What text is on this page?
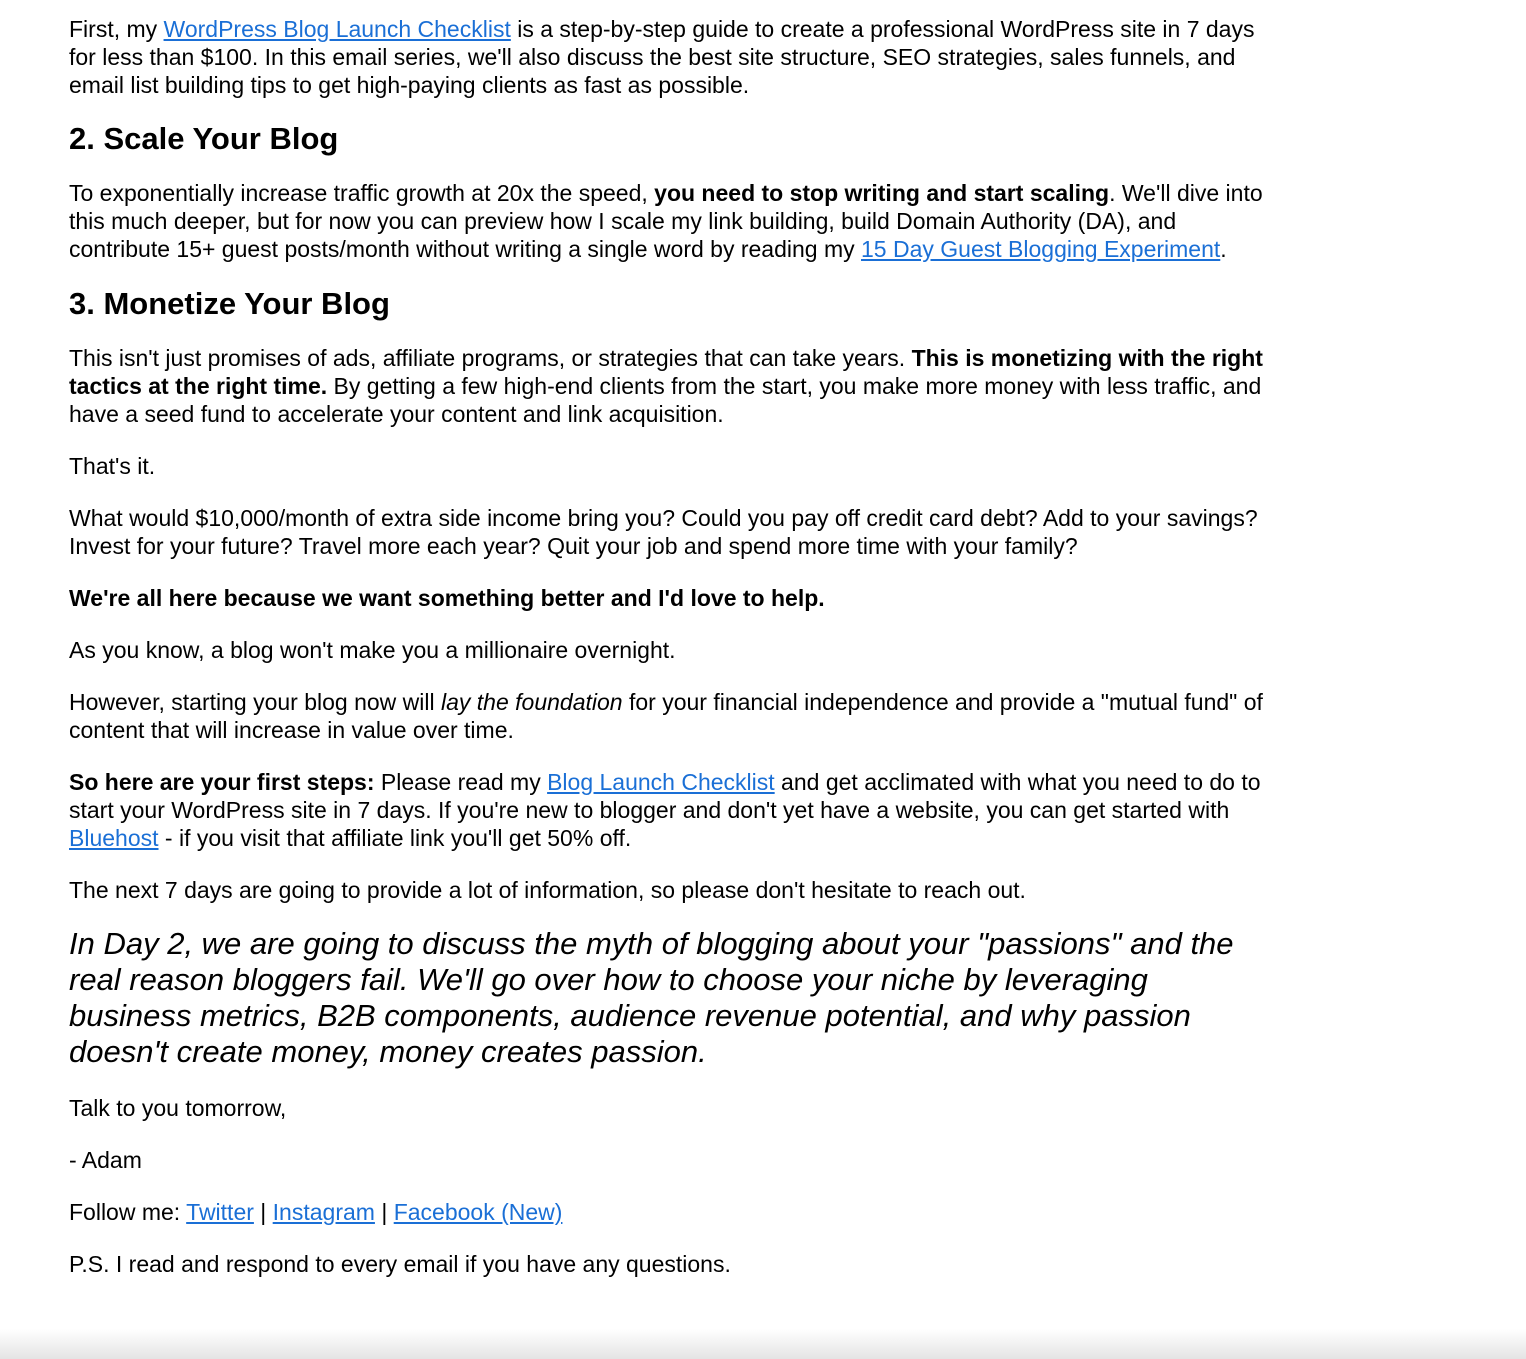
First, my WordPress Blog Launch Checklist is a step-by-step guide to create a professional WordPress site in 7 days for less than $100. In this email series, we'll also discuss the best site structure, SEO strategies, sales funnels, and email list building tips to get high-paying clients as fast as possible.

2. Scale Your Blog

To exponentially increase traffic growth at 20x the speed, you need to stop writing and start scaling. We'll dive into this much deeper, but for now you can preview how I scale my link building, build Domain Authority (DA), and contribute 15+ guest posts/month without writing a single word by reading my 15 Day Guest Blogging Experiment.

3. Monetize Your Blog

This isn't just promises of ads, affiliate programs, or strategies that can take years. This is monetizing with the right tactics at the right time. By getting a few high-end clients from the start, you make more money with less traffic, and have a seed fund to accelerate your content and link acquisition.

That's it.

What would $10,000/month of extra side income bring you? Could you pay off credit card debt? Add to your savings? Invest for your future? Travel more each year? Quit your job and spend more time with your family?

We're all here because we want something better and I'd love to help.

As you know, a blog won't make you a millionaire overnight.

However, starting your blog now will lay the foundation for your financial independence and provide a "mutual fund" of content that will increase in value over time.

So here are your first steps: Please read my Blog Launch Checklist and get acclimated with what you need to do to start your WordPress site in 7 days. If you're new to blogger and don't yet have a website, you can get started with Bluehost - if you visit that affiliate link you'll get 50% off.

The next 7 days are going to provide a lot of information, so please don't hesitate to reach out.

In Day 2, we are going to discuss the myth of blogging about your "passions" and the real reason bloggers fail. We'll go over how to choose your niche by leveraging business metrics, B2B components, audience revenue potential, and why passion doesn't create money, money creates passion.

Talk to you tomorrow,

- Adam

Follow me: Twitter | Instagram | Facebook (New)

P.S. I read and respond to every email if you have any questions.
